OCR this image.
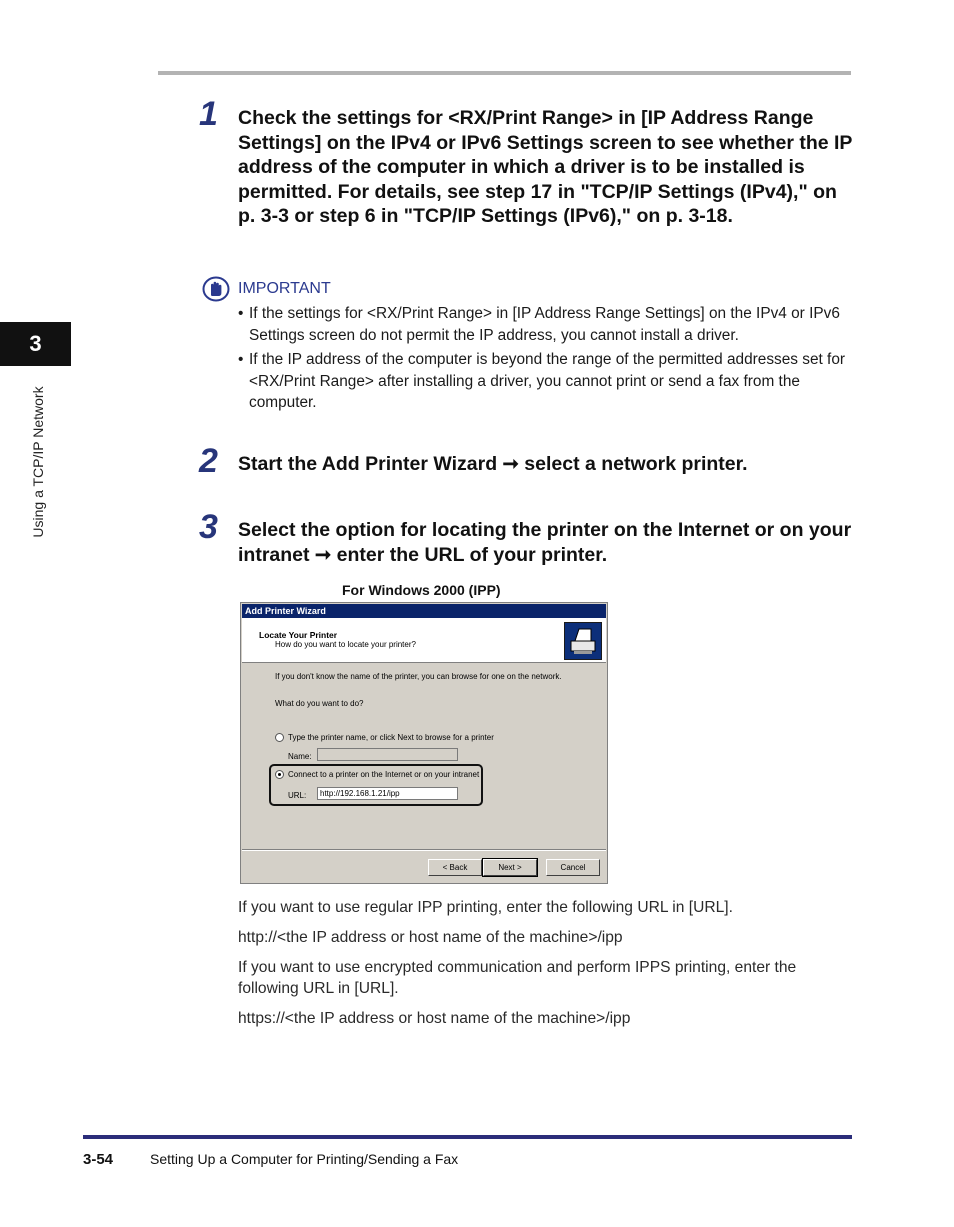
3
Using a TCP/IP Network
1 Check the settings for <RX/Print Range> in [IP Address Range Settings] on the IPv4 or IPv6 Settings screen to see whether the IP address of the computer in which a driver is to be installed is permitted. For details, see step 17 in "TCP/IP Settings (IPv4)," on p. 3-3 or step 6 in "TCP/IP Settings (IPv6)," on p. 3-18.
IMPORTANT
• If the settings for <RX/Print Range> in [IP Address Range Settings] on the IPv4 or IPv6 Settings screen do not permit the IP address, you cannot install a driver.
• If the IP address of the computer is beyond the range of the permitted addresses set for <RX/Print Range> after installing a driver, you cannot print or send a fax from the computer.
2 Start the Add Printer Wizard ➞ select a network printer.
3 Select the option for locating the printer on the Internet or on your intranet ➞ enter the URL of your printer.
For Windows 2000 (IPP)
Add Printer Wizard
Locate Your Printer
How do you want to locate your printer?
If you don't know the name of the printer, you can browse for one on the network.
What do you want to do?
Type the printer name, or click Next to browse for a printer
Name:
Connect to a printer on the Internet or on your intranet
URL:	http://192.168.1.21/ipp
< Back	Next >	Cancel
If you want to use regular IPP printing, enter the following URL in [URL].
http://<the IP address or host name of the machine>/ipp
If you want to use encrypted communication and perform IPPS printing, enter the following URL in [URL].
https://<the IP address or host name of the machine>/ipp
3-54	Setting Up a Computer for Printing/Sending a Fax
